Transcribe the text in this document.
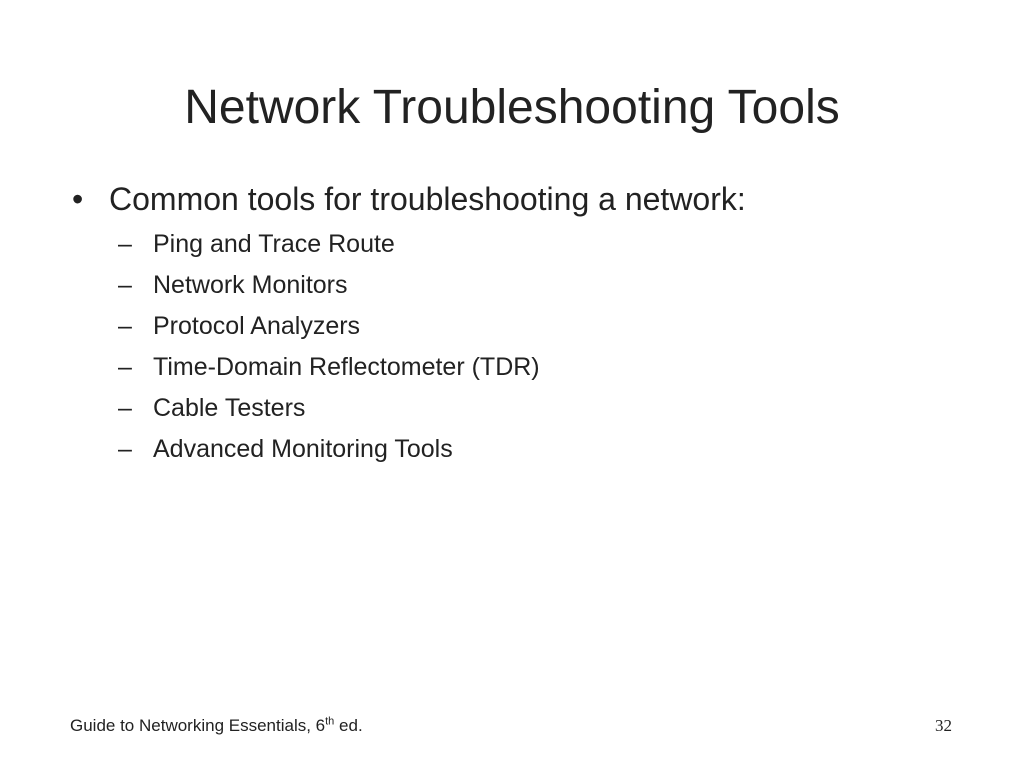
Network Troubleshooting Tools
• Common tools for troubleshooting a network:
– Ping and Trace Route
– Network Monitors
– Protocol Analyzers
– Time-Domain Reflectometer (TDR)
– Cable Testers
– Advanced Monitoring Tools
Guide to Networking Essentials, 6th ed.	32
